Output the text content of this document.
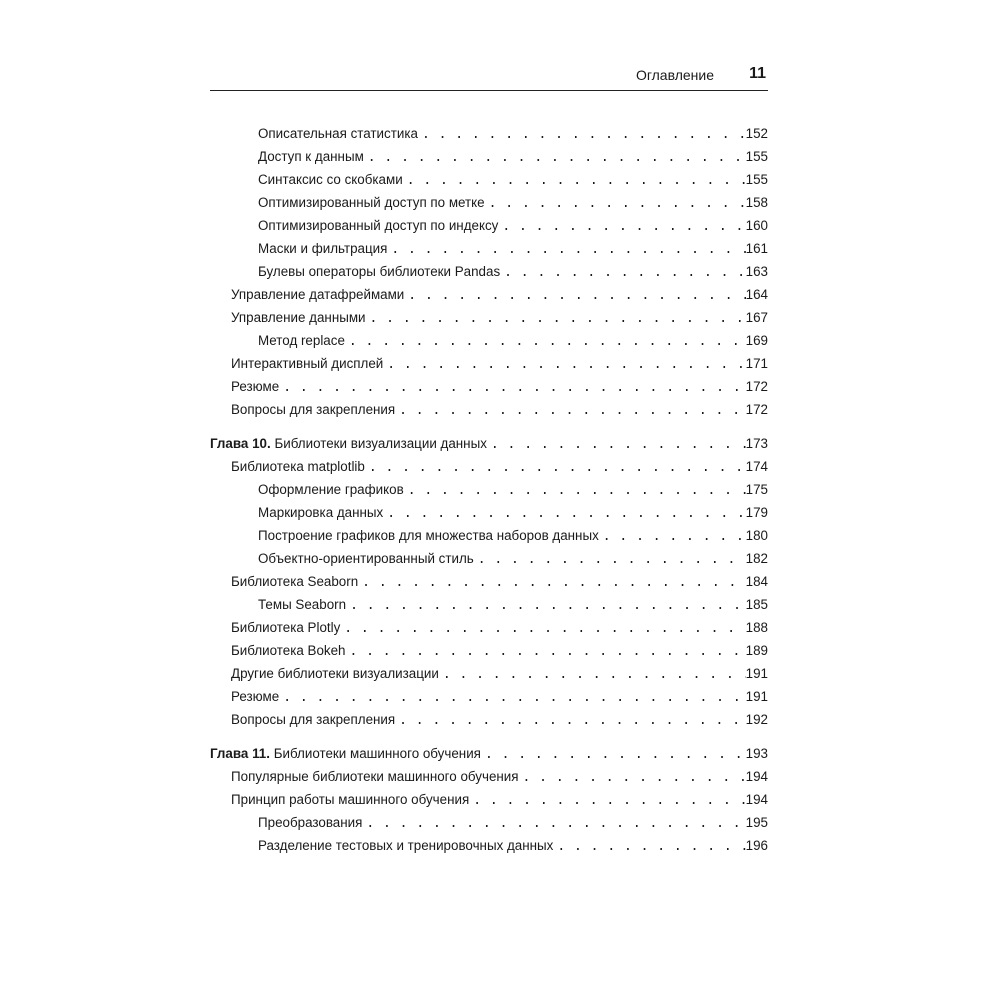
Оглавление 11
Описательная статистика . . .	152
Доступ к данным . . .	155
Синтаксис со скобками . . .	155
Оптимизированный доступ по метке . . .	158
Оптимизированный доступ по индексу . . .	160
Маски и фильтрация . . .	161
Булевы операторы библиотеки Pandas . . .	163
Управление датафреймами . . .	164
Управление данными . . .	167
Метод replace . . .	169
Интерактивный дисплей . . .	171
Резюме . . .	172
Вопросы для закрепления . . .	172
Глава 10. Библиотеки визуализации данных . . .	173
Библиотека matplotlib . . .	174
Оформление графиков . . .	175
Маркировка данных . . .	179
Построение графиков для множества наборов данных . . .	180
Объектно-ориентированный стиль . . .	182
Библиотека Seaborn . . .	184
Темы Seaborn . . .	185
Библиотека Plotly . . .	188
Библиотека Bokeh . . .	189
Другие библиотеки визуализации . . .	191
Резюме . . .	191
Вопросы для закрепления . . .	192
Глава 11. Библиотеки машинного обучения . . .	193
Популярные библиотеки машинного обучения . . .	194
Принцип работы машинного обучения . . .	194
Преобразования . . .	195
Разделение тестовых и тренировочных данных . . .	196
